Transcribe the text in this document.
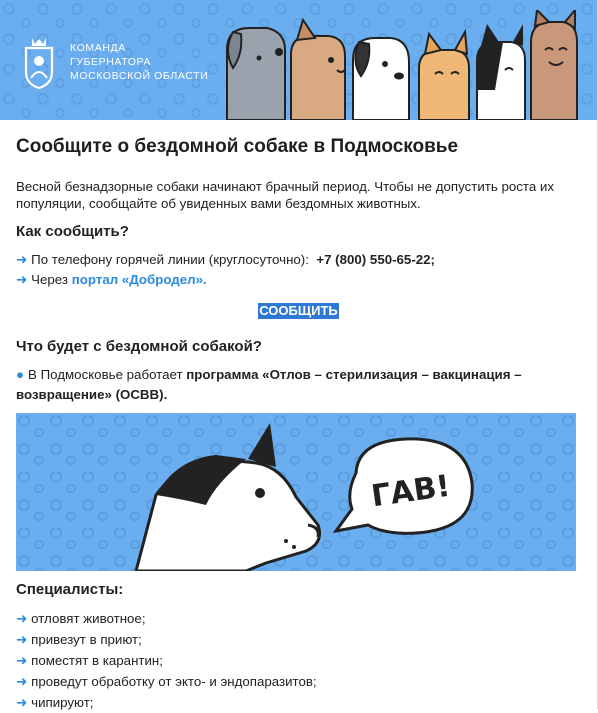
КОМАНДА
ГУБЕРНАТОРА
МОСКОВСКОЙ ОБЛАСТИ
Сообщите о бездомной собаке в Подмосковье

Весной безнадзорные собаки начинают брачный период. Чтобы не допустить роста их популяции, сообщайте об увиденных вами бездомных животных.

Как сообщить?
➜ По телефону горячей линии (круглосуточно): +7 (800) 550-65-22;
➜ Через портал «Добродел».
СООБЩИТЬ
Что будет с бездомной собакой?
● В Подмосковье работает программа «Отлов – стерилизация – вакцинация – возвращение» (ОСВВ).
ГАВ!
Специалисты:
➜ отловят животное;
➜ привезут в приют;
➜ поместят в карантин;
➜ проведут обработку от экто- и эндопаразитов;
➜ чипируют;
